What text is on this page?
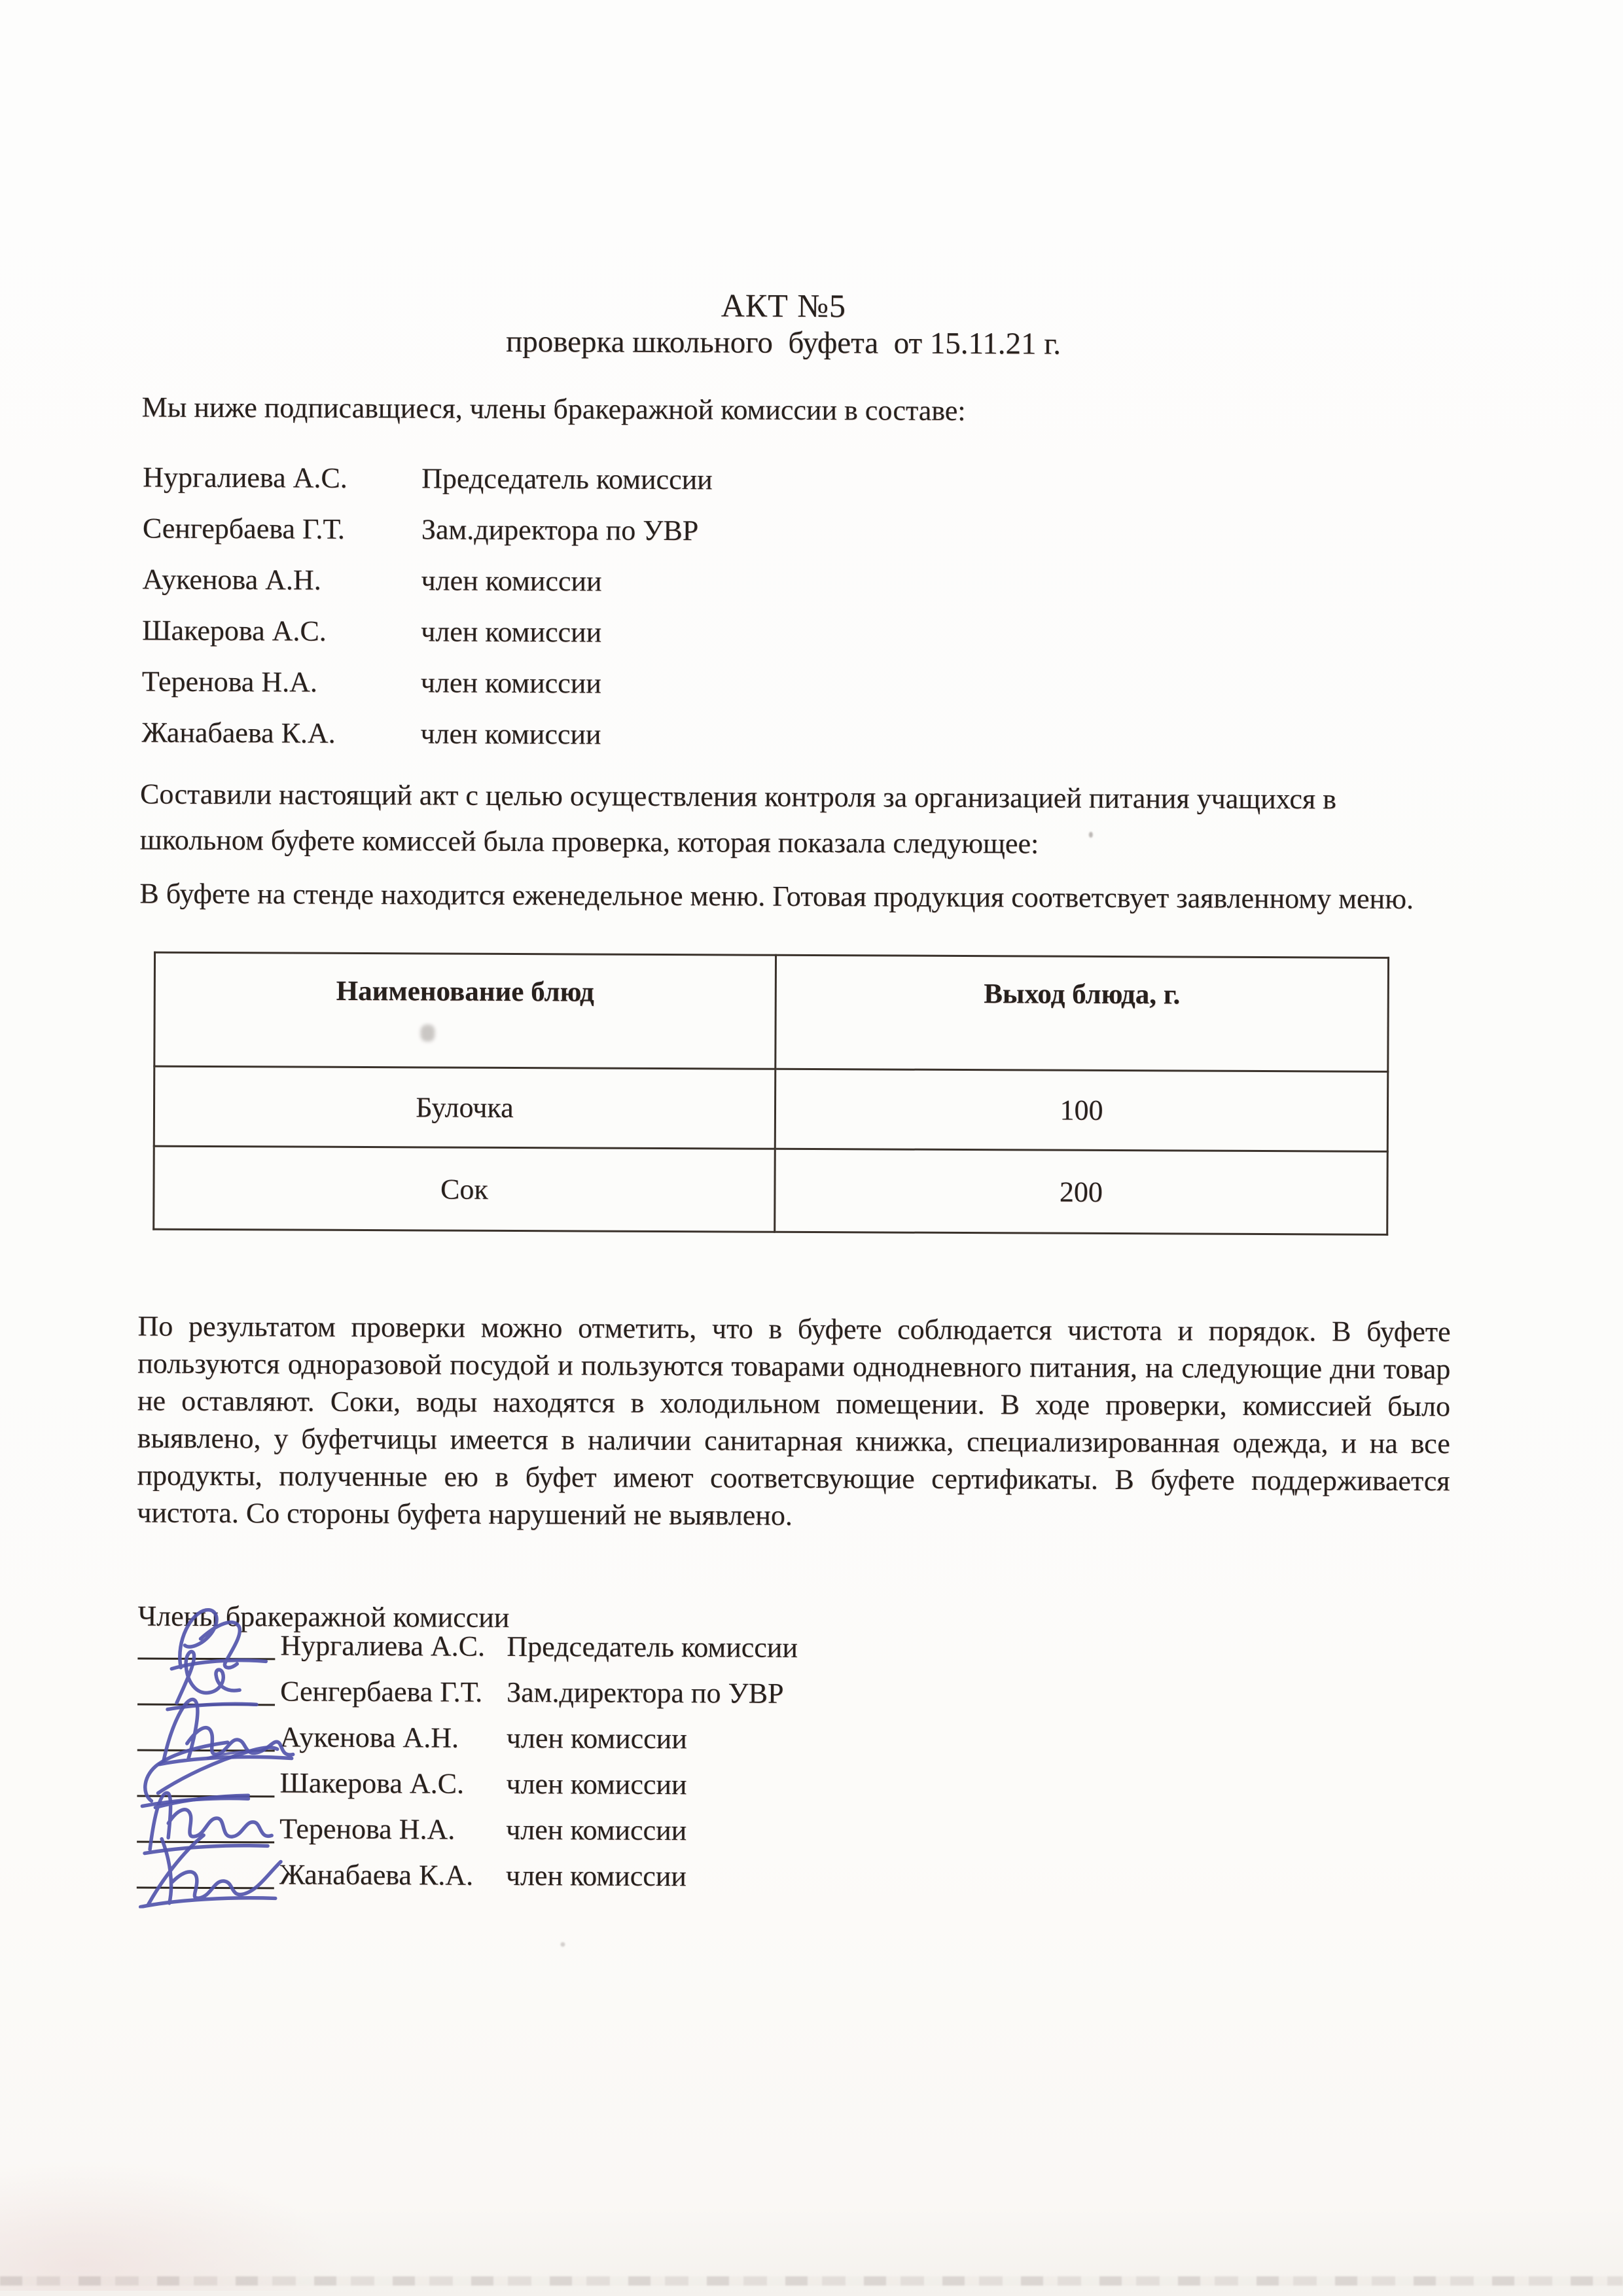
АКТ №5
проверка школьного  буфета  от 15.11.21 г.

Мы ниже подписавщиеся, члены бракеражной комиссии в составе:

Нургалиева А.С.	Председатель комиссии
Сенгербаева Г.Т.	Зам.директора по УВР
Аукенова А.Н.	член комиссии
Шакерова А.С.	член комиссии
Теренова Н.А.	член комиссии
Жанабаева К.А.	член комиссии

Составили настоящий акт с целью осуществления контроля за организацией питания учащихся в школьном буфете комиссей была проверка, которая показала следующее:

В буфете на стенде находится еженедельное меню. Готовая продукция соответсвует заявленному меню.

Наименование блюд	Выход блюда, г.
Булочка	100
Сок	200

По результатом проверки можно отметить, что в буфете соблюдается чистота и порядок. В буфете пользуются одноразовой посудой и пользуются товарами однодневного питания, на следующие дни товар не оставляют. Соки, воды находятся в холодильном помещении. В ходе проверки, комиссией было выявлено, у буфетчицы имеется в наличии санитарная книжка, специализированная одежда, и на все продукты, полученные ею в буфет имеют соответсвующие сертификаты. В буфете поддерживается чистота. Со стороны буфета нарушений не выявлено.

Члены бракеражной комиссии

Нургалиева А.С. Председатель комиссии
Сенгербаева Г.Т. Зам.директора по УВР
Аукенова А.Н.	член комиссии
Шакерова А.С.	член комиссии
Теренова Н.А.	член комиссии
Жанабаева К.А.	член комиссии
